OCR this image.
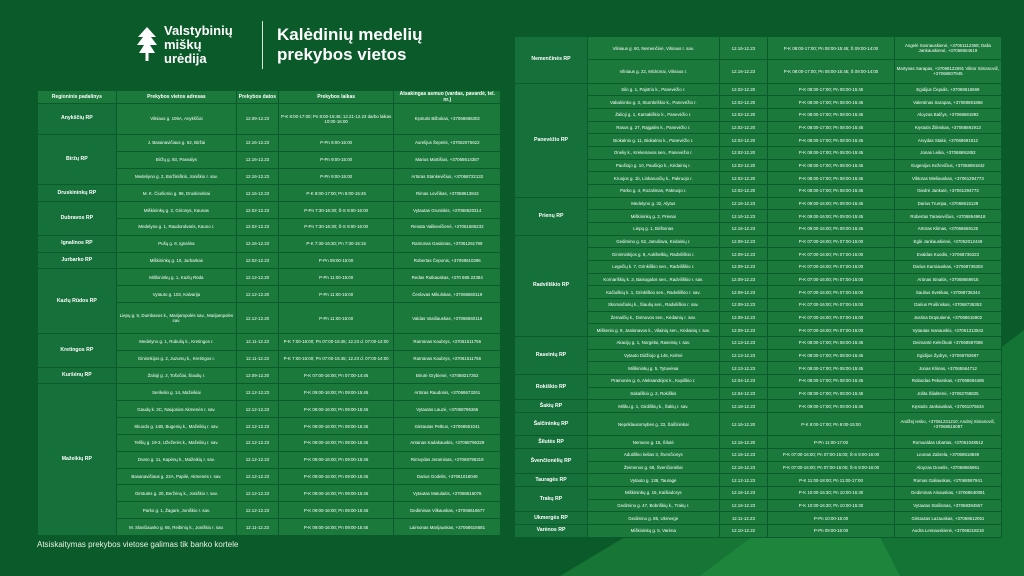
Valstybinių
miškų
urėdija
Kalėdinių medelių
prekybos vietos
Regioninis padalinys	Prekybos vietos adresas	Prekybos datos	Prekybos laikas	Atsakingas asmuo (vardas, pavardė, tel. nr.)
Anykščių RP	Vilniaus g. 105A, Anykščiai	12.09-12.23	P-K 8:00-17:00; Pn 8:00-15:45; 12.21-12.23 darbo laikas 10:00-16:00	Kęstutis Bilbokas, +37068686302
Biržų RP	J. Basanavičiaus g. 62, Biržai	12.16-12.23	P-Pn 9:00-15:00	Aurelijus Šepetis, +37062076622
	Biržų g. 93, Pasvalys	12.16-12.23	P-Pn 9:00-15:00	Marius Martišius, +37068614387
	Medeliyno g. 2, Boržiniškis, Joniškio r. sav.	12.16-12.23	P-Pn 9:00-15:00	Artūras Stankevičius, +37068722132
Druskininkų RP	M. K. Čiurlionio g. 96, Druskininkai	12.16-12.23	P-K 8:00-17:00; Pn 8:00-15:45	Rimas Lovčikas, +37068613843
Dubravos RP	Miškininkų g. 2, Girionys, Kaunas	12.02-12.23	P-Pn 7:30-16:30; Š-S 9:00-16:00	Vytautas Gruniskis, +37068620314
	Medelyno g. 1, Raudondvaris, Kauno r.	12.02-12.23	P-Pn 7:30-16:30; Š-S 9:00-16:00	Renata Valikevičienė, +37061585232
Ignalinos RP	Pušų g. 8, Ignalina	12.16-12.23	P-K 7:30-16:30; Pn 7:30-15:15	Ramūnas Gasiūnas, +37061261799
Jurbarko RP	Miškininkų g. 10, Jurbarkas	12.02-12.23	P-Pn 09:00-15:00	Robertas Čeponis, +37068610396
Kazlų Rūdos RP	Miškininkų g. 1, Kazlų Rūda	12.12-12.20	P-Pn 11:00-15:00	Redas Rutkauskas, +370 686 22384
	Vytauto g. 103, Kalvarija	12.12-12.20	P-Pn 11:00-15:00	Česlovas Mikulskas, +37068660119
	Liepų g. 5, Dumbavos k., Marijampolės sav., Marijampolės sav.	12.12-12.20	P-Pn 11:00-15:00	Valdas Vasiliauskas, +37068660116
Kretingos RP	Medelyno g. 1, Rubulių k., Kretingos r.	12.11-12.23	P-K 7:00-16:00; Pn 07:00-15:45; 12.23 d. 07:00-14:00	Ramūnas Kaubrys, +37061511756
	Gininnkijos g. 2, Juzumų k., Kretingos r.	12.11-12.23	P-K 7:00-16:00; Pn 07:00-15:45; 12.23 d. 07:00-14:00	Ramūnas Kaubrys, +37061511756
Kuršėnų RP	Žalioji g. 2, Tošočiai, Šiaulių r.	12.09-12.20	P-K 07:00-16:00; Pn 07:00-14:45	Birutė Grybienė, +37068217252
Mažeikių RP	Serikelio g. 14, Mažeikiai	12.12-12.23	P-K 09:00-16:00; Pn 09:00-15:45	Artūras Raudonis, +37068673261
	Gaudų k. 3C, Naujosios Akmenės r. sav.	12.12-12.23	P-K 09:00-16:00; Pn 09:00-15:45	Vytautas Lauzė, +37068796365
	Skuodo g. 14B, Bugenių k., Mažeikių r. sav.	12.12-12.23	P-K 09:00-16:00; Pn 09:00-15:45	Gintautas Petkus, +37068651041
	Telšių g. 19-3, Užežerės k., Mažeikių r. sav.	12.12-12.23	P-K 09:00-16:00; Pn 09:00-15:45	Antanas Kadakauskis, +37068796329
	Dvaro g. 11, Kapėnų k., Mažeikių r. sav.	12.12-12.23	P-K 09:00-16:00; Pn 09:00-15:45	Rimvydas Jeraminas, +37068796319
	Basanavičiaus g. 22A, Papilė, Akmenės r. sav.	12.12-12.23	P-K 09:00-16:00; Pn 09:00-15:45	Darius Godelis, +37061018049
	Girstutės g. 20, Beržėnų k., Joniškio r. sav.	12.12-12.23	P-K 09:00-16:00; Pn 09:00-15:45	Vytautas Matulaitis, +37068616076
	Parko g. 1, Žagarė, Joniškio r. sav.	12.12-12.23	P-K 09:00-16:00; Pn 09:00-15:45	Gediminas Vilkauskas, +37068616677
	M. Slančiausko g. 65, Reibinių k., Joniškio r. sav.	12.11-12.23	P-K 09:00-16:00; Pn 09:00-15:45	Laimonas Marijauskas, +37068616681
Nemenčinės RP	Vilniaus g. 60, Nemenčinė, Vilniaus r. sav.	12.16-12.23	P-K 08:00-17:00; Pn 08:00-15:45; Š 09:00-14:00	Angelė Sosnauskienė, +37061112368; Dalia Jankauskienė, +37068604619
	Vilniaus g. 22, Mickūnai, Vilniaus r.	12.16-12.23	P-K 08:00-17:00; Pn 08:00-15:45; Š 09:00-14:00	Martynas Sarapas, +37068122691 Viktor Simanovič, +37068607945
Panevėžio RP	Silo g. 1, Pajstrio k., Panevėžio r.	12.02-12.20	P-K 08:00-17:00; Pn 08:00-15:45	Egidijus Čepulis, +37068616669
	Vabalninko g. 3, Stumbriškio k., Panevėžio r.	12.02-12.20	P-K 08:00-17:00; Pn 08:00-15:45	Valentinas Sarapas, +37068691856
	Žalioji g. 1, Karsakiškio k., Panevėžio r.	12.02-12.20	P-K 08:00-17:00; Pn 08:00-15:45	Aloyzas Balčys, +37068691892
	Rasos g. 27, Rajgalės k., Panevėžio r.	12.02-12.20	P-K 08:00-17:00; Pn 08:00-15:45	Kęstutis Žilinskas, +37068691913
	Biokalnio g. 11, Biokalnio k., Panevėžio r.	12.02-12.20	P-K 08:00-17:00; Pn 08:00-15:45	Arvydas Stakė, +37068691912
	Oneliy k., Krekenavos sen., Panevėžio r.	12.02-12.20	P-K 08:00-17:00; Pn 08:00-15:45	Jonas Leika, +37068691852
	Paušiojo g. 10, Paušiojo k., Kėdainių r.	12.02-12.20	P-K 08:00-17:00; Pn 08:00-15:45	Eugenijus Keževičius, +37068691842
	Kruojos g. 1b, Linkaruočių k., Pakruojo r.	12.02-12.20	P-K 08:00-17:00; Pn 08:00-15:45	Viktoras Mieliauskas, +37061294773
	Parko g. 4, Rozalimas, Pakruojo r.	12.02-12.20	P-K 08:00-17:00; Pn 08:00-15:45	Giedrė Jankutė, +37061294773
Prienų RP	Medelyno g. 32, Alytus	12.16-12.23	P-K 09:00-16:00; Pn 09:00-15:45	Darius Trumpa, +37068615129
	Miškininkų g. 2, Prienai	12.16-12.23	P-K 09:00-16:00; Pn 09:00-15:45	Robertas Tarasevičius, +37068649618
	Liepų g. 1, Birštonas	12.16-12.23	P-K 09:00-16:00; Pn 09:00-15:45	Artūras Klimas, +37068669125
Radviliškio RP	Gedimino g. 52, Janušava, Kėdainių r.	12.09-12.23	P-K 07:00-16:00; Pn 07:00-15:00	Eglė Jankauskienė, +37062012449
	Gininninkijos g. 8, Aukštelkių, Radviliškio r.	12.09-12.23	P-K 07:00-16:00; Pn 07:00-15:00	Evaldas Kuodis, +37068736323
	Legečių k. 7, Grinkiškio sen., Radviliškio r.	12.09-12.23	P-K 07:00-16:00; Pn 07:00-15:00	Darius Karniauskas, +37068736303
	Kornariškių k. 3, Baisogalos sen., Radviliškio r. sav.	12.09-12.23	P-K 07:00-16:00; Pn 07:00-15:00	Arūnas Sinaitis, +37068669915
	Kačiuškių k. 1, Grinkiškio sen., Radviliškio r. sav.	12.09-12.23	P-K 07:00-16:00; Pn 07:00-15:00	Saulius Svetikas, +37068736344
	Skomaičiukų k., Šiaulių sen., Radviliškio r. sav.	12.09-12.23	P-K 07:00-16:00; Pn 07:00-15:00	Darius Prušinskas, +37068736353
	Žemaičių k., Dotnuvos sen., Kėdainių r. sav.	12.09-12.23	P-K 07:00-16:00; Pn 07:00-15:00	Justina Drąsutienė, +37068616902
	Miškenio g. 9, Janiūnavos k., Vilainių sen., Kėdainių r. sav.	12.09-12.23	P-K 07:00-16:00; Pn 07:00-15:00	Vytautas Ivanauskis, +37061313542
Raseinių RP	Akacijų g. 1, Norgėlai, Raseinių r. sav.	12.13-12.23	P-K 08:00-17:00; Pn 08:00-15:45	Deimantė Kelečkutė +37068597086
	Vytauto Didžiojo g.145, Kelmė	12.13-12.23	P-K 08:00-17:00; Pn 08:00-15:45	Egidijus Žydrys, +37068792697
	Miškininkų g. 5, Tytuvėnai	12.13-12.23	P-K 08:00-17:00; Pn 08:00-15:45	Jonas Klimas, +37065564712
Rokiškio RP	Pramonės g. 6, Aleksandrijos k., Kupiškio r.	12.04-12.23	P-K 08:00-17:00; Pn 08:00-15:45	Rolandas Pekarskas, +37068694485
	Sakalškio g. 2, Rokiškis	12.04-12.23	P-K 08:00-17:00; Pn 08:00-15:45	Jolita Šliaktenė, +37062768825
Šakių RP	Mišku g. 1, Girdiškių k., Šakių r. sav.	12.18-12.23	P-K 09:00-17:00; Pn 09:00-15:45	Kęstutis Jankauskas, +37061075634
Šalčininkų RP	Nepriklausomybės g. 33, Šalčininkai	12.16-12.20	P-K 8:00-17:00; Pn 8:00-15:00	Andžej Iesko, +37061231210; Andrej Simanovič, +37068615097
Šilutės RP	Nemuno g. 15, Šilutė	12.16-12.20	P-Pn 11:00-17:00	Romualdas Ubartas, +37061048512
Švenčionėlių RP	Adutiškio kelias 3, Švenčionys	12.16-12.23	P-K 07:00-16:00; Pn 07:00-15:00; Š-S 9:00-16:00	Leonas Zabrela, +37068618849
	Žeimenos g. 68, Švenčionėliai	12.16-12.23	P-K 07:00-16:00; Pn 07:00-15:00; Š-S 9:00-16:00	Aloyzas Dovelis, +37068665961
Tauragės RP	Vytauto g. 138, Tauragė	12.12-12.23	P-K 11:00-18:00; Pn 11:00-17:00	Romas Galiauskas, +37068597941
Trakų RP	Miškininkų g. 15, Kaišiadorys	12.16-12.23	P-K 10:00-16:30; Pn 10:00-15:30	Gediminas Ainauskas, +37068640081
	Gedimino g. 47, Bobriškių k., Trakų r.	12.16-12.23	P-K 10:00-16:30; Pn 10:00-15:30	Vytautas Stašiūnas, +37068384567
Ukmergės RP	Gedimino g. 85, Ukmergė	12.11-12.23	P-Pn 10:00-15:00	Gintautas Lazauskas, +37068612051
Varėnos RP	Miškininkų g. 5, Varėna	12.10-12.22	P-Pn 09:00-16:00	Audra Lesnauskienė, +37068218218
Atsiskaitymas prekybos vietose galimas tik banko kortele
